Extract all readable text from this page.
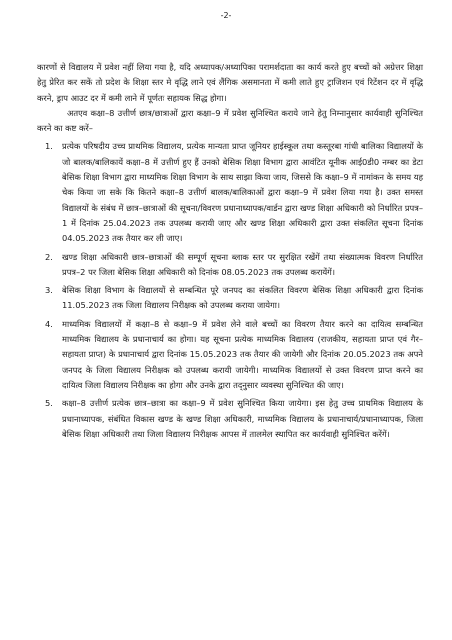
-2-

कारणों से विद्यालय में प्रवेश नहीं लिया गया है, यदि अध्यापक/अध्यापिका परामर्शदाता का कार्य करते हुए बच्चों को अग्रेत्तर शिक्षा हेतु प्रेरित कर सकें तो प्रदेश के शिक्षा स्तर मे वृद्धि लाने एवं लैंगिक असमानता में कमी लाते हुए ट्राजिशन एवं रिटेंशन दर में वृद्धि करने, ड्राप आउट दर में कमी लाने में पूर्णतः सहायक सिद्ध होगा।

अतएव कक्षा–8 उत्तीर्ण छात्र/छात्राओं द्वारा कक्षा–9 में प्रवेश सुनिश्चित कराये जाने हेतु निम्नानुसार कार्यवाही सुनिश्चित करने का कष्ट करें–

1. प्रत्येक परिषदीय उच्च प्राथमिक विद्यालय, प्रत्येक मान्यता प्राप्त जूनियर हाईस्कूल तथा कस्तूरबा गांधी बालिका विद्यालयों के जो बालक/बालिकायें कक्षा–8 में उत्तीर्ण हुए हैं उनको बेसिक शिक्षा विभाग द्वारा आवंटित यूनीक आई0डी0 नम्बर का डेटा बेसिक शिक्षा विभाग द्वारा माध्यमिक शिक्षा विभाग के साथ साझा किया जाय, जिससे कि कक्षा–9 में नामांकन के समय यह चेक किया जा सके कि कितने कक्षा–8 उत्तीर्ण बालक/बालिकाओं द्वारा कक्षा–9 में प्रवेश लिया गया है। उक्त समस्त विद्यालयों के संबंध में छात्र–छात्राओं की सूचना/विवरण प्रधानाध्यापक/वार्डन द्वारा खण्ड शिक्षा अधिकारी को निर्धारित प्रपत्र–1 में दिनांक 25.04.2023 तक उपलब्ध करायी जाए और खण्ड शिक्षा अधिकारी द्वारा उक्त संकलित सूचना दिनांक 04.05.2023 तक तैयार कर ली जाए।
2. खण्ड शिक्षा अधिकारी छात्र–छात्राओं की सम्पूर्ण सूचना ब्लाक स्तर पर सुरक्षित रखेंगें तथा संख्यात्मक विवरण निर्धारित प्रपत्र–2 पर जिला बेसिक शिक्षा अधिकारी को दिनांक 08.05.2023 तक उपलब्ध करायेंगें।
3. बेसिक शिक्षा विभाग के विद्यालयों से सम्बन्धित पूरे जनपद का संकलित विवरण बेसिक शिक्षा अधिकारी द्वारा दिनांक 11.05.2023 तक जिला विद्यालय निरीक्षक को उपलब्ध कराया जायेगा।
4. माध्यमिक विद्यालयों में कक्षा–8 से कक्षा–9 में प्रवेश लेने वाले बच्चों का विवरण तैयार करने का दायित्व सम्बन्धित माध्यमिक विद्यालय के प्रधानाचार्य का होगा। यह सूचना प्रत्येक माध्यमिक विद्यालय (राजकीय, सहायता प्राप्त एवं गैर–सहायता प्राप्त) के प्रधानाचार्य द्वारा दिनांक 15.05.2023 तक तैयार की जायेगी और दिनांक 20.05.2023 तक अपने जनपद के जिला विद्यालय निरीक्षक को उपलब्ध करायी जायेगी। माध्यमिक विद्यालयों से उक्त विवरण प्राप्त करने का दायित्व जिला विद्यालय निरीक्षक का होगा और उनके द्वारा तद्नुसार व्यवस्था सुनिश्चित की जाए।
5. कक्षा–8 उत्तीर्ण प्रत्येक छात्र–छात्रा का कक्षा–9 में प्रवेश सुनिश्चित किया जायेगा। इस हेतु उच्च प्राथमिक विद्यालय के प्रधानाध्यापक, संबंधित विकास खण्ड के खण्ड शिक्षा अधिकारी, माध्यमिक विद्यालय के प्रधानाचार्य/प्रधानाध्यापक, जिला बेसिक शिक्षा अधिकारी तथा जिला विद्यालय निरीक्षक आपस में तालमेल स्थापित कर कार्यवाही सुनिश्चित करेंगें।
